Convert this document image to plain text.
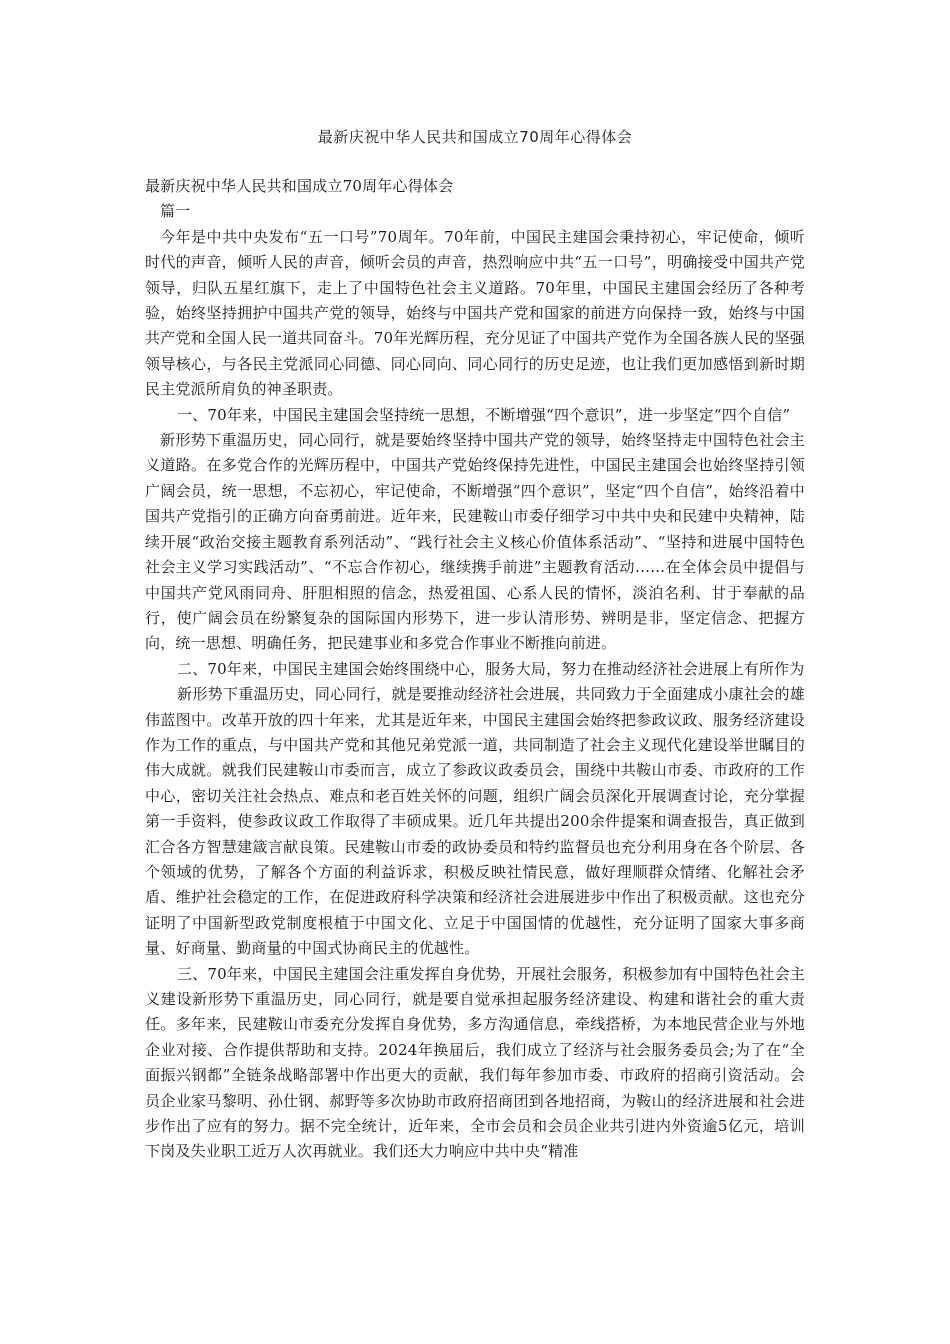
最新庆祝中华人民共和国成立70周年心得体会

最新庆祝中华人民共和国成立70周年心得体会

篇一

今年是中共中央发布“五一口号”70周年。70年前，中国民主建国会秉持初心，牢记使命，倾听时代的声音，倾听人民的声音，倾听会员的声音，热烈响应中共“五一口号”，明确接受中国共产党领导，归队五星红旗下，走上了中国特色社会主义道路。70年里，中国民主建国会经历了各种考验，始终坚持拥护中国共产党的领导，始终与中国共产党和国家的前进方向保持一致，始终与中国共产党和全国人民一道共同奋斗。70年光辉历程，充分见证了中国共产党作为全国各族人民的坚强领导核心，与各民主党派同心同德、同心同向、同心同行的历史足迹，也让我们更加感悟到新时期民主党派所肩负的神圣职责。

一、70年来，中国民主建国会坚持统一思想，不断增强“四个意识”，进一步坚定“四个自信”

新形势下重温历史，同心同行，就是要始终坚持中国共产党的领导，始终坚持走中国特色社会主义道路。在多党合作的光辉历程中，中国共产党始终保持先进性，中国民主建国会也始终坚持引领广阔会员，统一思想，不忘初心，牢记使命，不断增强“四个意识”，坚定“四个自信”，始终沿着中国共产党指引的正确方向奋勇前进。近年来，民建鞍山市委仔细学习中共中央和民建中央精神，陆续开展“政治交接主题教育系列活动”、“践行社会主义核心价值体系活动”、“坚持和进展中国特色社会主义学习实践活动”、“不忘合作初心，继续携手前进”主题教育活动……在全体会员中提倡与中国共产党风雨同舟、肝胆相照的信念，热爱祖国、心系人民的情怀，淡泊名利、甘于奉献的品行，使广阔会员在纷繁复杂的国际国内形势下，进一步认清形势、辨明是非，坚定信念、把握方向，统一思想、明确任务，把民建事业和多党合作事业不断推向前进。

二、70年来，中国民主建国会始终围绕中心，服务大局，努力在推动经济社会进展上有所作为

新形势下重温历史，同心同行，就是要推动经济社会进展，共同致力于全面建成小康社会的雄伟蓝图中。改革开放的四十年来，尤其是近年来，中国民主建国会始终把参政议政、服务经济建设作为工作的重点，与中国共产党和其他兄弟党派一道，共同制造了社会主义现代化建设举世瞩目的伟大成就。就我们民建鞍山市委而言，成立了参政议政委员会，围绕中共鞍山市委、市政府的工作中心，密切关注社会热点、难点和老百姓关怀的问题，组织广阔会员深化开展调查讨论，充分掌握第一手资料，使参政议政工作取得了丰硕成果。近几年共提出200余件提案和调查报告，真正做到汇合各方智慧建箴言献良策。民建鞍山市委的政协委员和特约监督员也充分利用身在各个阶层、各个领域的优势，了解各个方面的利益诉求，积极反映社情民意，做好理顺群众情绪、化解社会矛盾、维护社会稳定的工作，在促进政府科学决策和经济社会进展进步中作出了积极贡献。这也充分证明了中国新型政党制度根植于中国文化、立足于中国国情的优越性，充分证明了国家大事多商量、好商量、勤商量的中国式协商民主的优越性。

三、70年来，中国民主建国会注重发挥自身优势，开展社会服务，积极参加有中国特色社会主义建设新形势下重温历史，同心同行，就是要自觉承担起服务经济建设、构建和谐社会的重大责任。多年来，民建鞍山市委充分发挥自身优势，多方沟通信息，牵线搭桥，为本地民营企业与外地企业对接、合作提供帮助和支持。2024年换届后，我们成立了经济与社会服务委员会;为了在“全面振兴钢都”全链条战略部署中作出更大的贡献，我们每年参加市委、市政府的招商引资活动。会员企业家马黎明、孙仕钢、郝野等多次协助市政府招商团到各地招商，为鞍山的经济进展和社会进步作出了应有的努力。据不完全统计，近年来，全市会员和会员企业共引进内外资逾5亿元，培训下岗及失业职工近万人次再就业。我们还大力响应中共中央“精准
